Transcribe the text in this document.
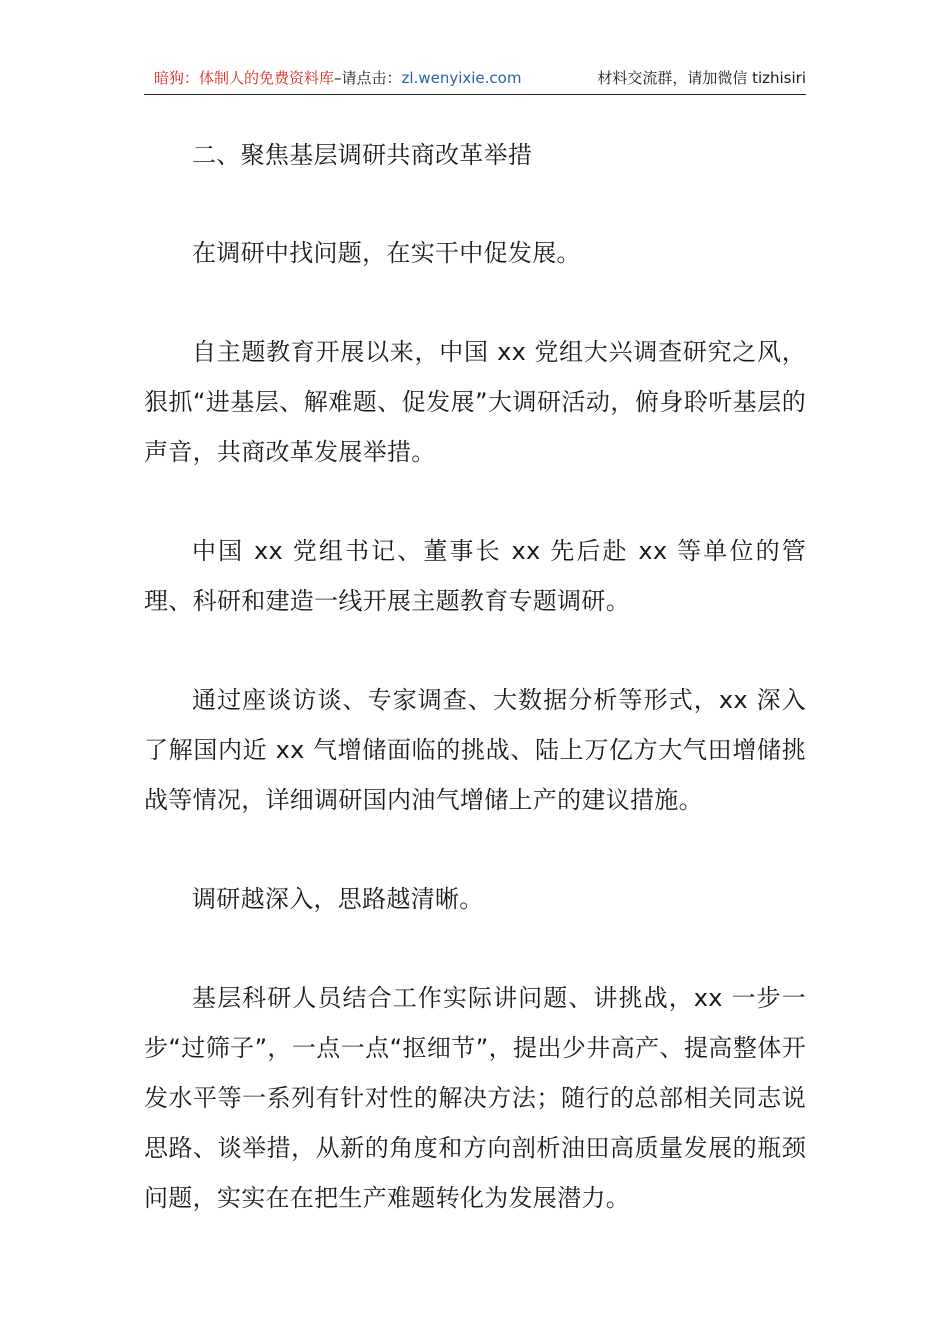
暗狗：体制人的免费资料库 –请点击： zl.wenyixie.com	材料交流群，请加微信 tizhisiri

二、聚焦基层调研共商改革举措

在调研中找问题，在实干中促发展。

自主题教育开展以来，中国 xx 党组大兴调查研究之风，狠抓“进基层、解难题、促发展”大调研活动，俯身聆听基层的声音，共商改革发展举措。

中国 xx 党组书记、董事长 xx 先后赴 xx 等单位的管理、科研和建造一线开展主题教育专题调研。

通过座谈访谈、专家调查、大数据分析等形式，xx 深入了解国内近 xx 气增储面临的挑战、陆上万亿方大气田增储挑战等情况，详细调研国内油气增储上产的建议措施。

调研越深入，思路越清晰。

基层科研人员结合工作实际讲问题、讲挑战，xx 一步一步“过筛子”，一点一点“抠细节”，提出少井高产、提高整体开发水平等一系列有针对性的解决方法；随行的总部相关同志说思路、谈举措，从新的角度和方向剖析油田高质量发展的瓶颈问题，实实在在把生产难题转化为发展潜力。
